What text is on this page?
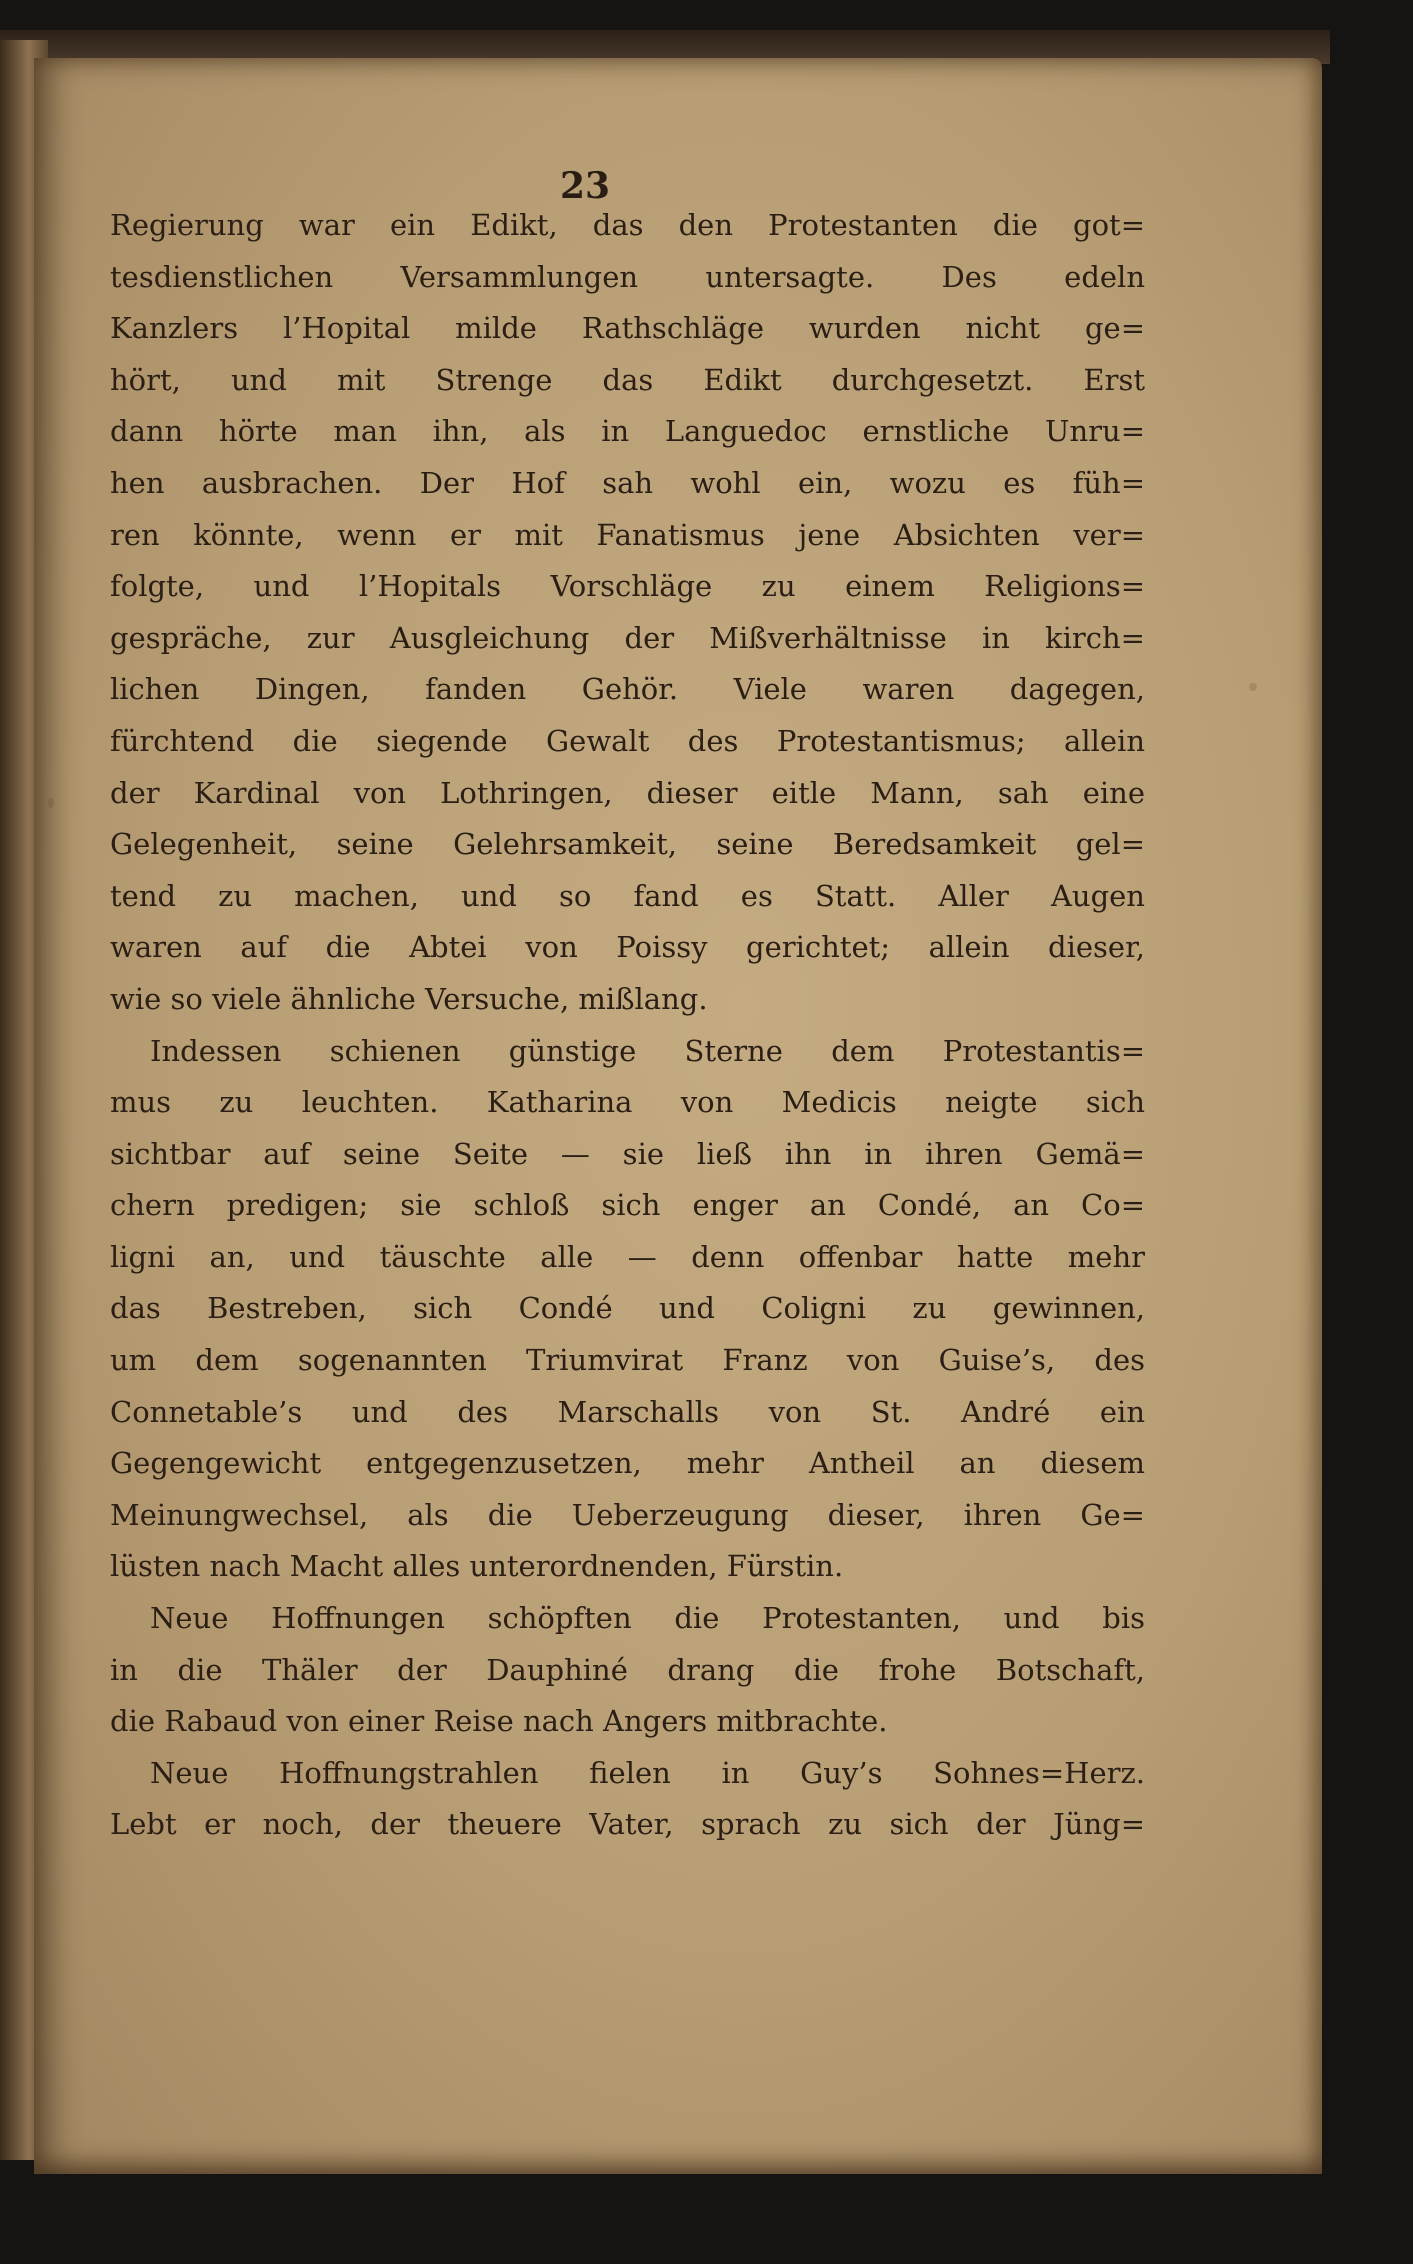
23
Regierung war ein Edikt, das den Protestanten die got=
tesdienstlichen Versammlungen untersagte. Des edeln
Kanzlers l’Hopital milde Rathschläge wurden nicht ge=
hört, und mit Strenge das Edikt durchgesetzt. Erst
dann hörte man ihn, als in Languedoc ernstliche Unru=
hen ausbrachen. Der Hof sah wohl ein, wozu es füh=
ren könnte, wenn er mit Fanatismus jene Absichten ver=
folgte, und l’Hopitals Vorschläge zu einem Religions=
gespräche, zur Ausgleichung der Mißverhältnisse in kirch=
lichen Dingen, fanden Gehör. Viele waren dagegen,
fürchtend die siegende Gewalt des Protestantismus; allein
der Kardinal von Lothringen, dieser eitle Mann, sah eine
Gelegenheit, seine Gelehrsamkeit, seine Beredsamkeit gel=
tend zu machen, und so fand es Statt. Aller Augen
waren auf die Abtei von Poissy gerichtet; allein dieser,
wie so viele ähnliche Versuche, mißlang.
Indessen schienen günstige Sterne dem Protestantis=
mus zu leuchten. Katharina von Medicis neigte sich
sichtbar auf seine Seite — sie ließ ihn in ihren Gemä=
chern predigen; sie schloß sich enger an Condé, an Co=
ligni an, und täuschte alle — denn offenbar hatte mehr
das Bestreben, sich Condé und Coligni zu gewinnen,
um dem sogenannten Triumvirat Franz von Guise’s, des
Connetable’s und des Marschalls von St. André ein
Gegengewicht entgegenzusetzen, mehr Antheil an diesem
Meinungwechsel, als die Ueberzeugung dieser, ihren Ge=
lüsten nach Macht alles unterordnenden, Fürstin.
Neue Hoffnungen schöpften die Protestanten, und bis
in die Thäler der Dauphiné drang die frohe Botschaft,
die Rabaud von einer Reise nach Angers mitbrachte.
Neue Hoffnungstrahlen fielen in Guy’s Sohnes=Herz.
Lebt er noch, der theuere Vater, sprach zu sich der Jüng=
